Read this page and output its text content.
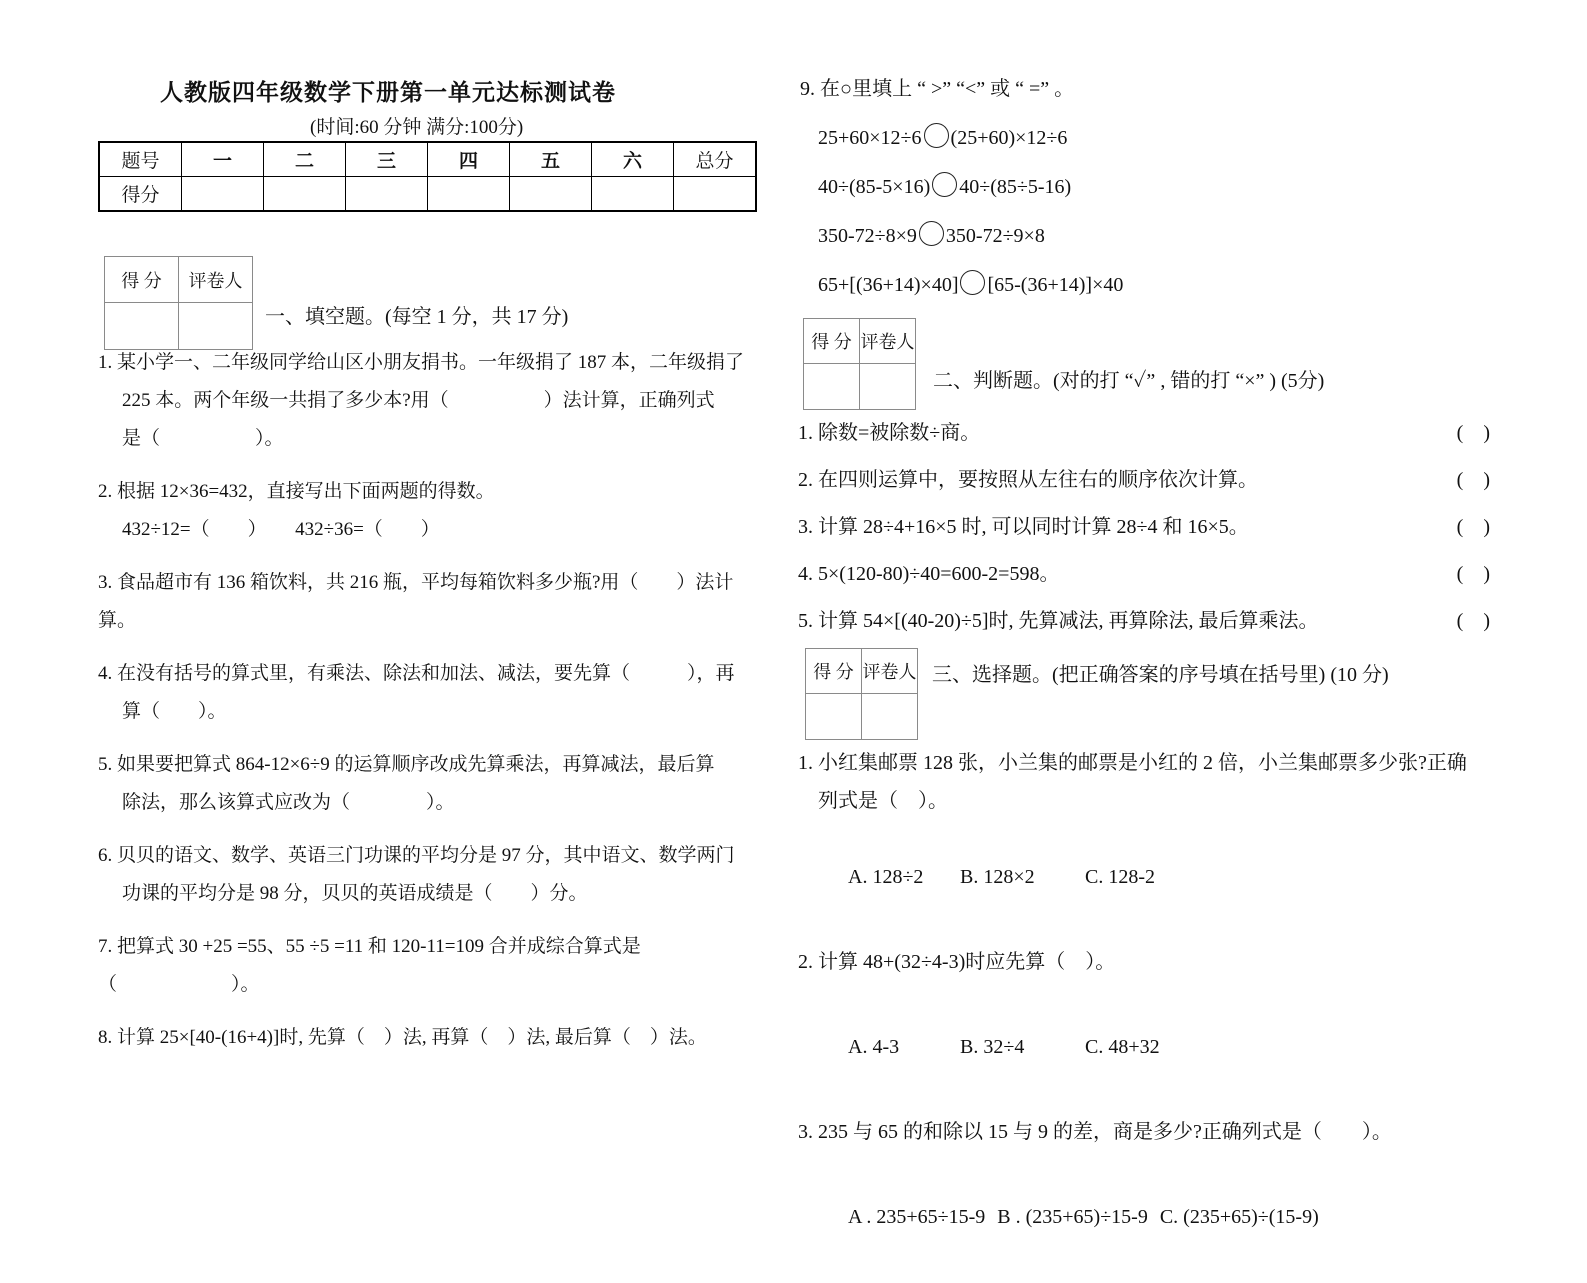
人教版四年级数学下册第一单元达标测试卷
(时间:60 分钟 满分:100分)
题号	一	二	三	四	五	六	总分
得分							
得 分	评卷人

一、填空题。(每空 1 分，共 17 分)
1. 某小学一、二年级同学给山区小朋友捐书。一年级捐了 187 本，二年级捐了
225 本。两个年级一共捐了多少本?用（　　　　　）法计算，正确列式
是（　　　　　）。
2. 根据 12×36=432，直接写出下面两题的得数。
432÷12=（　　）　　432÷36=（　　）
3. 食品超市有 136 箱饮料，共 216 瓶，平均每箱饮料多少瓶?用（　　）法计算。
4. 在没有括号的算式里，有乘法、除法和加法、减法，要先算（　　　），再
算（　　）。
5. 如果要把算式 864-12×6÷9 的运算顺序改成先算乘法，再算减法，最后算
除法，那么该算式应改为（　　　　）。
6. 贝贝的语文、数学、英语三门功课的平均分是 97 分，其中语文、数学两门
功课的平均分是 98 分，贝贝的英语成绩是（　　）分。
7. 把算式 30 +25 =55、55 ÷5 =11 和 120-11=109 合并成综合算式是
（　　　　　　）。
8. 计算 25×[40-(16+4)]时, 先算（　）法, 再算（　）法, 最后算（　）法。
9. 在○里填上 “ >” “<” 或 “ =” 。
25+60×12÷6 (25+60)×12÷6
40÷(85-5×16) 40÷(85÷5-16)
350-72÷8×9 350-72÷9×8
65+[(36+14)×40] [65-(36+14)]×40
得 分	评卷人

二、判断题。(对的打 “✓” , 错的打 “×” ) (5分)
1. 除数=被除数÷商。	(    )
2. 在四则运算中，要按照从左往右的顺序依次计算。	(    )
3. 计算 28÷4+16×5 时, 可以同时计算 28÷4 和 16×5。	(    )
4. 5×(120-80)÷40=600-2=598。	(    )
5. 计算 54×[(40-20)÷5]时, 先算减法, 再算除法, 最后算乘法。	(    )
得 分	评卷人
	三、选择题。(把正确答案的序号填在括号里) (10 分)
1. 小红集邮票 128 张，小兰集的邮票是小红的 2 倍，小兰集邮票多少张?正确
列式是（　）。

A. 128÷2 B. 128×2	C. 128-2

2. 计算 48+(32÷4-3)时应先算（　）。

A. 4-3	B. 32÷4	C. 48+32

3. 235 与 65 的和除以 15 与 9 的差，商是多少?正确列式是（　　）。

A . 235+65÷15-9 B . (235+65)÷15-9 C. (235+65)÷(15-9)
